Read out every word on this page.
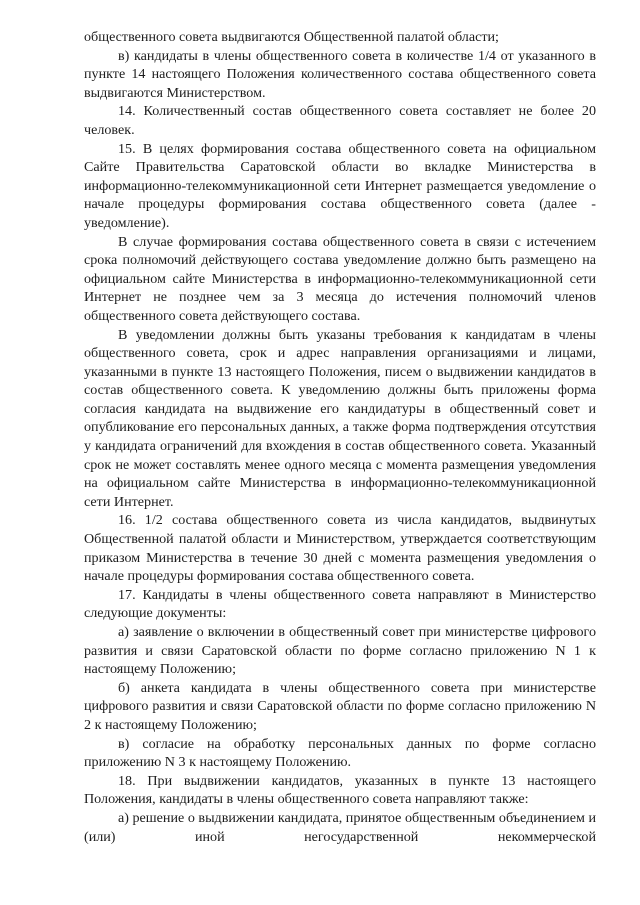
общественного совета выдвигаются Общественной палатой области;

в) кандидаты в члены общественного совета в количестве 1/4 от указанного в пункте 14 настоящего Положения количественного состава общественного совета выдвигаются Министерством.

14. Количественный состав общественного совета составляет не более 20 человек.

15. В целях формирования состава общественного совета на официальном Сайте Правительства Саратовской области во вкладке Министерства в информационно-телекоммуникационной сети Интернет размещается уведомление о начале процедуры формирования состава общественного совета (далее - уведомление).

В случае формирования состава общественного совета в связи с истечением срока полномочий действующего состава уведомление должно быть размещено на официальном сайте Министерства в информационно-телекоммуникационной сети Интернет не позднее чем за 3 месяца до истечения полномочий членов общественного совета действующего состава.

В уведомлении должны быть указаны требования к кандидатам в члены общественного совета, срок и адрес направления организациями и лицами, указанными в пункте 13 настоящего Положения, писем о выдвижении кандидатов в состав общественного совета. К уведомлению должны быть приложены форма согласия кандидата на выдвижение его кандидатуры в общественный совет и опубликование его персональных данных, а также форма подтверждения отсутствия у кандидата ограничений для вхождения в состав общественного совета. Указанный срок не может составлять менее одного месяца с момента размещения уведомления на официальном сайте Министерства в информационно-телекоммуникационной сети Интернет.

16. 1/2 состава общественного совета из числа кандидатов, выдвинутых Общественной палатой области и Министерством, утверждается соответствующим приказом Министерства в течение 30 дней с момента размещения уведомления о начале процедуры формирования состава общественного совета.

17. Кандидаты в члены общественного совета направляют в Министерство следующие документы:

а) заявление о включении в общественный совет при министерстве цифрового развития и связи Саратовской области по форме согласно приложению N 1 к настоящему Положению;

б) анкета кандидата в члены общественного совета при министерстве цифрового развития и связи Саратовской области по форме согласно приложению N 2 к настоящему Положению;

в) согласие на обработку персональных данных по форме согласно приложению N 3 к настоящему Положению.

18. При выдвижении кандидатов, указанных в пункте 13 настоящего Положения, кандидаты в члены общественного совета направляют также:

а) решение о выдвижении кандидата, принятое общественным объединением и (или) иной негосударственной некоммерческой
